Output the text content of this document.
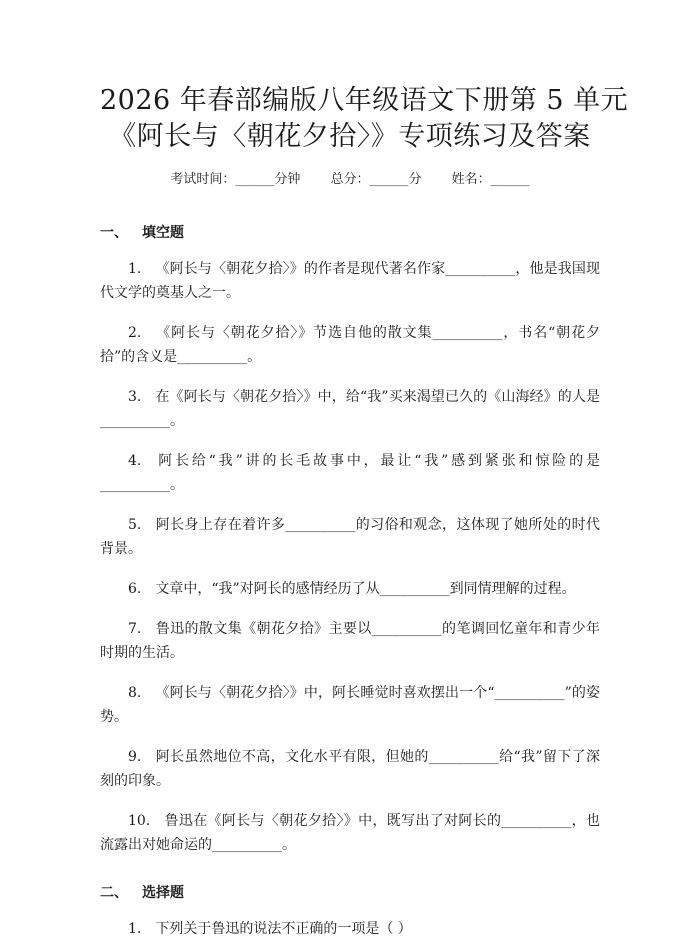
2026 年春部编版八年级语文下册第 5 单元
《阿长与〈朝花夕拾〉》专项练习及答案
考试时间：______分钟 总分：______分 姓名：______
一、 填空题
1. 《阿长与〈朝花夕拾〉》的作者是现代著名作家__________，他是我国现代文学的奠基人之一。
2. 《阿长与〈朝花夕拾〉》节选自他的散文集__________，书名“朝花夕拾”的含义是__________。
3. 在《阿长与〈朝花夕拾〉》中，给“我”买来渴望已久的《山海经》的人是__________。
4. 阿长给“我”讲的长毛故事中，最让“我”感到紧张和惊险的是__________。
5. 阿长身上存在着许多__________的习俗和观念，这体现了她所处的时代背景。
6. 文章中，“我”对阿长的感情经历了从__________到同情理解的过程。
7. 鲁迅的散文集《朝花夕拾》主要以__________的笔调回忆童年和青少年时期的生活。
8. 《阿长与〈朝花夕拾〉》中，阿长睡觉时喜欢摆出一个“__________”的姿势。
9. 阿长虽然地位不高，文化水平有限，但她的__________给“我”留下了深刻的印象。
10. 鲁迅在《阿长与〈朝花夕拾〉》中，既写出了对阿长的__________，也流露出对她命运的__________。
二、 选择题
1. 下列关于鲁迅的说法不正确的一项是（ ）
